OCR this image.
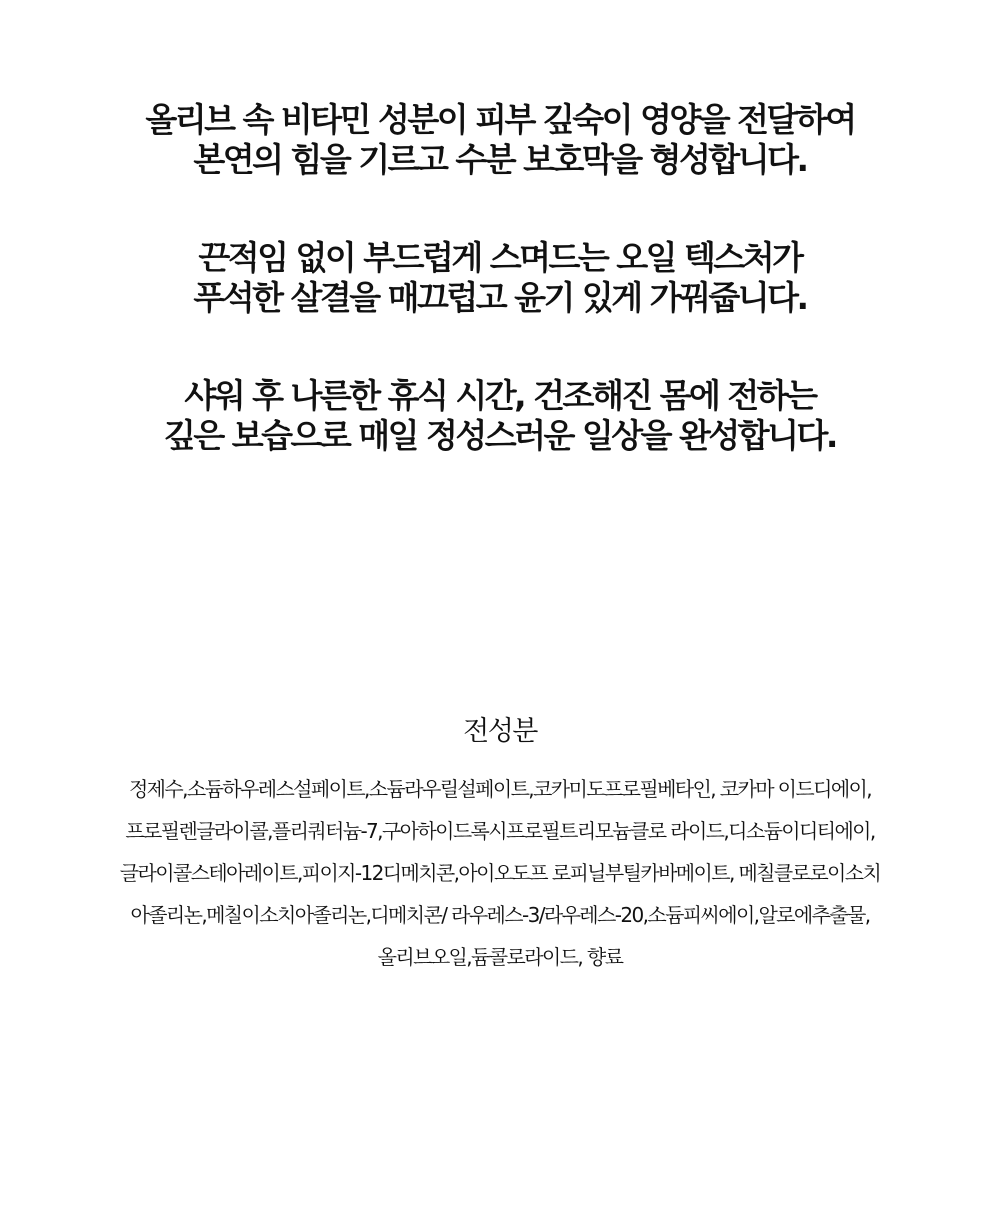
올리브 속 비타민 성분이 피부 깊숙이 영양을 전달하여
본연의 힘을 기르고 수분 보호막을 형성합니다.

끈적임 없이 부드럽게 스며드는 오일 텍스처가
푸석한 살결을 매끄럽고 윤기 있게 가꿔줍니다.

샤워 후 나른한 휴식 시간, 건조해진 몸에 전하는
깊은 보습으로 매일 정성스러운 일상을 완성합니다.

전성분
정제수,소듐하우레스설페이트,소듐라우릴설페이트,코카미도프로필베타인, 코카마 이드디에이,
프로필렌글라이콜,플리쿼터늄-7,구아하이드록시프로필트리모늄클로 라이드,디소듐이디티에이,
글라이콜스테아레이트,피이지-12디메치콘,아이오도프 로피닐부틸카바메이트, 메칠클로로이소치
아졸리논,메칠이소치아졸리논,디메치콘/ 라우레스-3/라우레스-20,소듐피씨에이,알로에추출물,
올리브오일,듐콜로라이드, 향료
